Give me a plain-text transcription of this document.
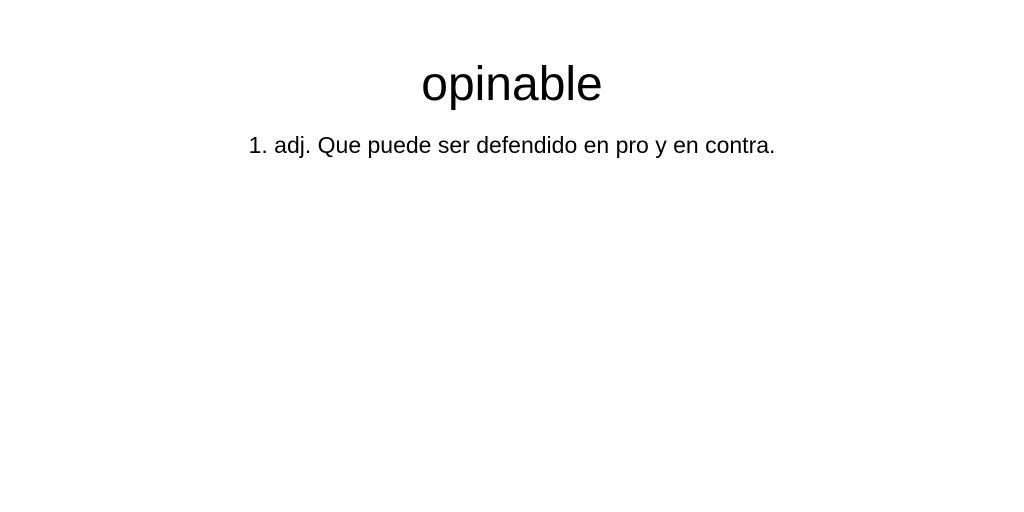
opinable

1. adj. Que puede ser defendido en pro y en contra.
